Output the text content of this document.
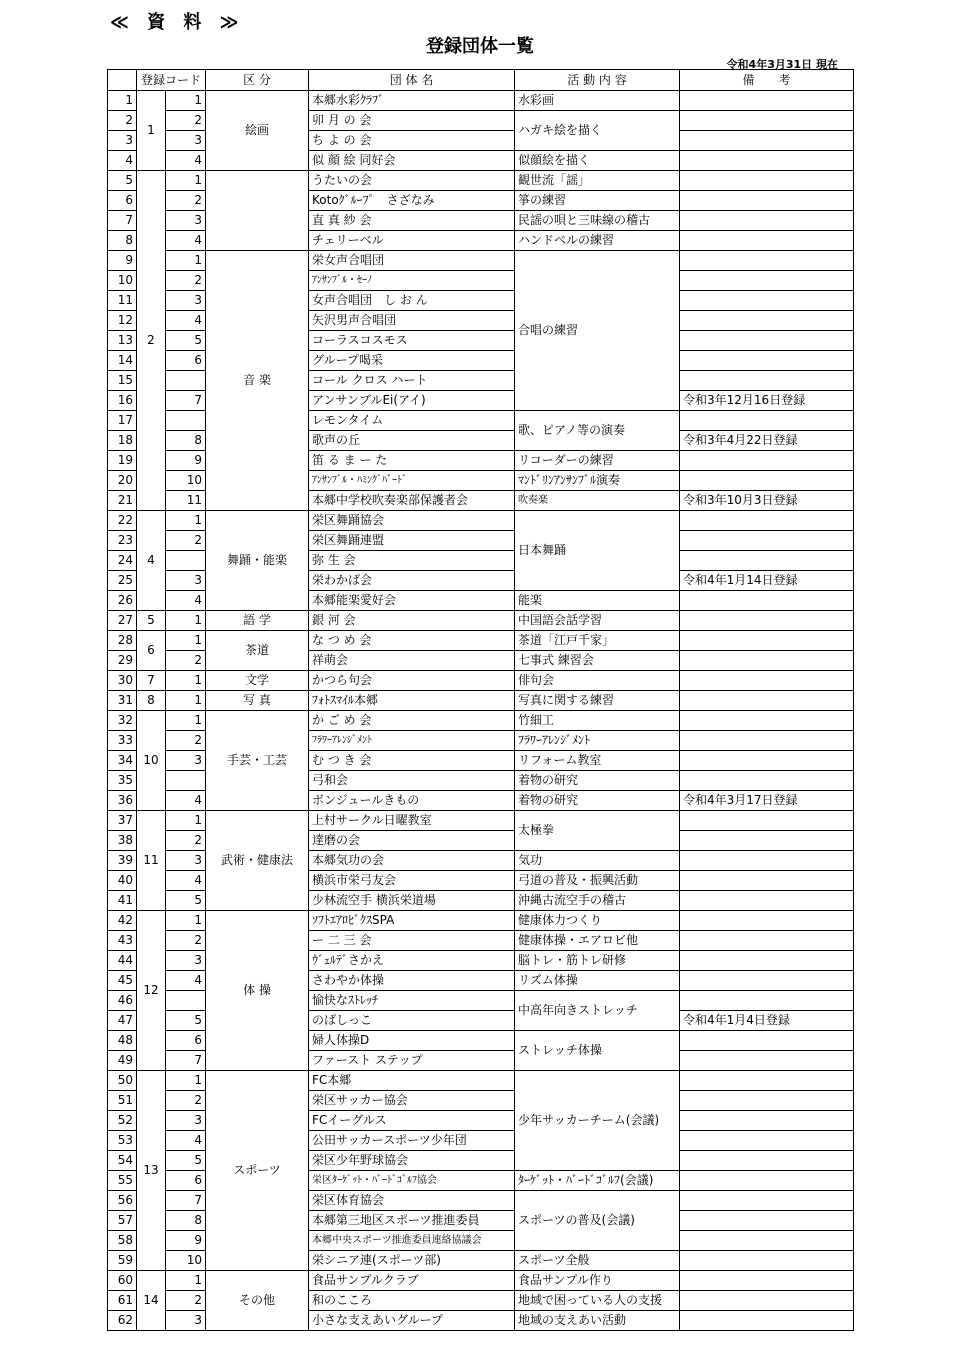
≪ 資 料 ≫
登録団体一覧
令和4年3月31日 現在
	登録コード		区 分	団 体 名	活 動 内 容	備　　考
1	1	1	絵画	本郷水彩ｸﾗﾌﾞ	水彩画	
2		2		卯 月 の 会	ハガキ絵を描く	
3		3		ち よ の 会		
4		4		似 顔 絵 同好会	似顔絵を描く	
5	2	1		うたいの会	観世流「謡」	
6		2		Kotoｸﾞﾙｰﾌﾟ　さざなみ	箏の練習	
7		3		直 真 紗 会	民謡の唄と三味線の稽古	
8		4		チェリーベル	ハンドベルの練習	
9		1	音 楽	栄女声合唱団	合唱の練習	
10		2		ｱﾝｻﾝﾌﾞﾙ・ｾｰﾉ		
11		3		女声合唱団　し お ん		
12		4		矢沢男声合唱団		
13		5		コーラスコスモス		
14		6		グループ喝采		
15				コール クロス ハート		
16		7		アンサンブルEi(アイ)		令和3年12月16日登録
17				レモンタイム	歌、ピアノ等の演奏	
18		8		歌声の丘		令和3年4月22日登録
19		9		笛 る ま ー た	リコーダーの練習	
20		10		ｱﾝｻﾝﾌﾞﾙ・ﾊﾐﾝｸﾞﾊﾞｰﾄﾞ	ﾏﾝﾄﾞﾘﾝｱﾝｻﾝﾌﾞﾙ演奏	
21		11		本郷中学校吹奏楽部保護者会	吹奏楽	令和3年10月3日登録
22	4	1	舞踊・能楽	栄区舞踊協会	日本舞踊	
23		2		栄区舞踊連盟		
24				弥 生 会		
25		3		栄わかば会		令和4年1月14日登録
26		4		本郷能楽愛好会	能楽	
27	5	1	語 学	銀 河 会	中国語会話学習	
28	6	1	茶道	な つ め 会	茶道「江戸千家」	
29		2		祥萌会	七事式 練習会	
30	7	1	文学	かつら句会	俳句会	
31	8	1	写 真	ﾌｫﾄｽﾏｲﾙ本郷	写真に関する練習	
32	10	1	手芸・工芸	か ご め 会	竹細工	
33		2		ﾌﾗﾜｰｱﾚﾝｼﾞﾒﾝﾄ	ﾌﾗﾜｰｱﾚﾝｼﾞﾒﾝﾄ	
34		3		む つ き 会	リフォーム教室	
35				弓和会	着物の研究	
36		4		ボンジュールきもの	着物の研究	令和4年3月17日登録
37	11	1	武術・健康法	上村サークル日曜教室	太極拳	
38		2		達磨の会		
39		3		本郷気功の会	気功	
40		4		横浜市栄弓友会	弓道の普及・振興活動	
41		5		少林流空手 横浜栄道場	沖縄古流空手の稽古	
42	12	1	体 操	ｿﾌﾄｴｱﾛﾋﾞｸｽSPA	健康体力つくり	
43		2		ー 二 三 会	健康体操・エアロビ他	
44		3		ｳﾞｪﾙﾃﾞさかえ	脳トレ・筋トレ研修	
45		4		さわやか体操	リズム体操	
46				愉快なｽﾄﾚｯﾁ	中高年向きストレッチ	
47		5		のばしっこ		令和4年1月4日登録
48		6		婦人体操D	ストレッチ体操	
49		7		ファースト ステップ		
50	13	1	スポーツ	FC本郷	少年サッカーチーム(会議)	
51		2		栄区サッカー協会		
52		3		FCイーグルス		
53		4		公田サッカースポーツ少年団		
54		5		栄区少年野球協会		
55		6		栄区ﾀｰｹﾞｯﾄ・ﾊﾞｰﾄﾞｺﾞﾙﾌ協会	ﾀｰｹﾞｯﾄ・ﾊﾞｰﾄﾞｺﾞﾙﾌ(会議)	
56		7		栄区体育協会	スポーツの普及(会議)	
57		8		本郷第三地区スポーツ推進委員		
58		9		本郷中央スポーツ推進委員連絡協議会		
59		10		栄シニア連(スポーツ部)	スポーツ全般	
60	14	1	その他	食品サンプルクラブ	食品サンプル作り	
61		2		和のこころ	地域で困っている人の支援	
62		3		小さな支えあいグループ	地域の支えあい活動	
